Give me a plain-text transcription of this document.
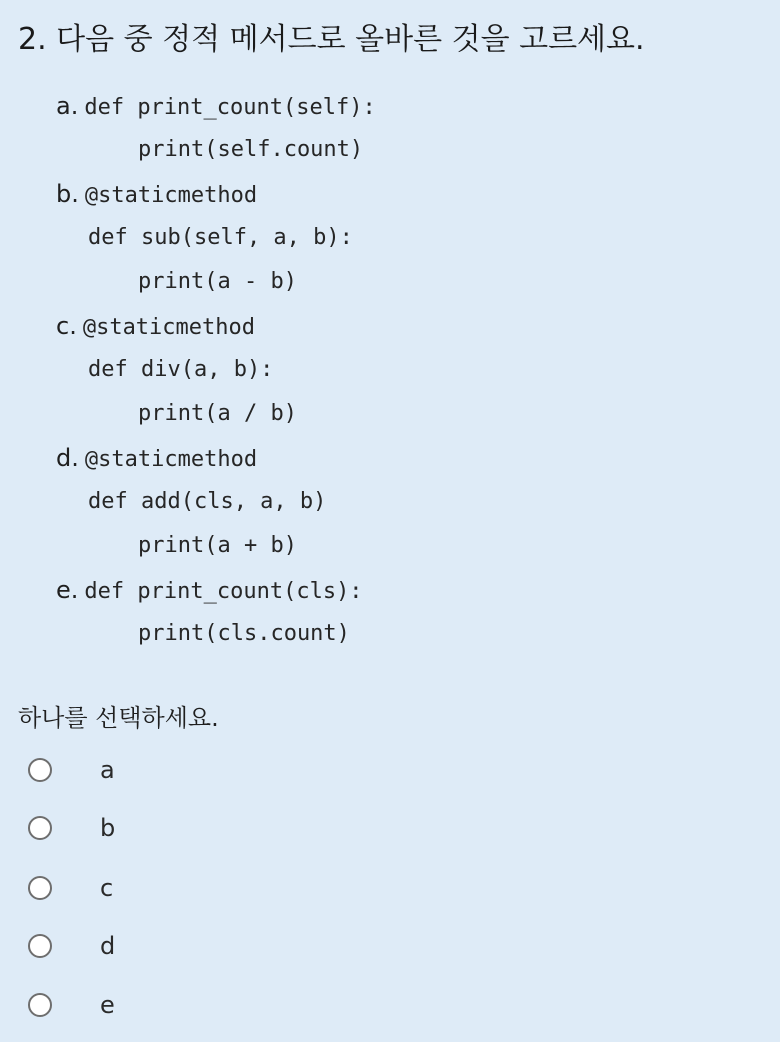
2. 다음 중 정적 메서드로 올바른 것을 고르세요.
a. def print_count(self):
print(self.count)
b. @staticmethod
def sub(self, a, b):
print(a - b)
c. @staticmethod
def div(a, b):
print(a / b)
d. @staticmethod
def add(cls, a, b)
print(a + b)
e. def print_count(cls):
print(cls.count)
하나를 선택하세요.
a
b
c
d
e
